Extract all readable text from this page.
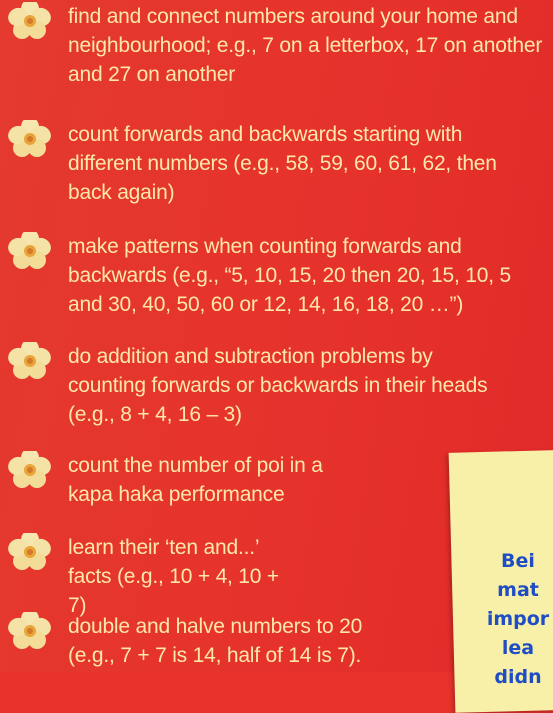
find and connect numbers around your home and neighbourhood; e.g., 7 on a letterbox, 17 on another and 27 on another
count forwards and backwards starting with different numbers (e.g., 58, 59, 60, 61, 62, then back again)
make patterns when counting forwards and backwards (e.g., “5, 10, 15, 20 then 20, 15, 10, 5 and 30, 40, 50, 60 or 12, 14, 16, 18, 20 …”)
do addition and subtraction problems by counting forwards or backwards in their heads (e.g., 8 + 4, 16 – 3)
count the number of poi in a kapa haka performance
learn their ‘ten and...’ facts (e.g., 10 + 4, 10 + 7)
double and halve numbers to 20 (e.g., 7 + 7 is 14, half of 14 is 7).
Bei
mat
impor
lea
didn
